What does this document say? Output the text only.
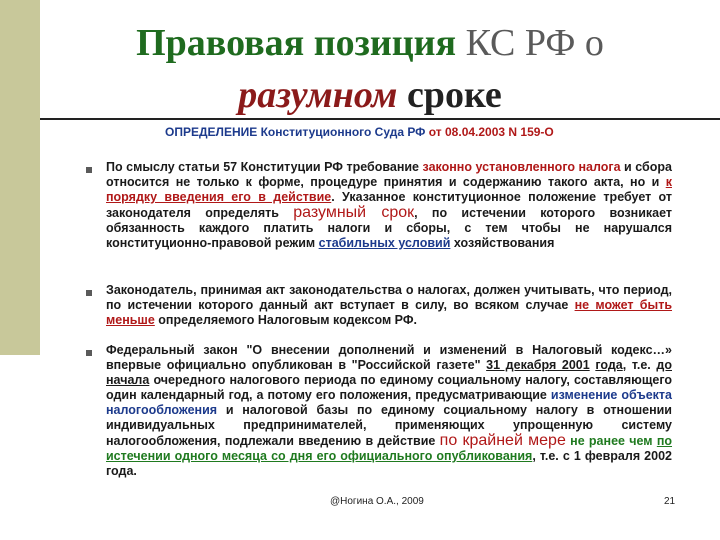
Правовая позиция КС РФ о
разумном сроке
ОПРЕДЕЛЕНИЕ Конституционного Суда РФ от 08.04.2003 N 159-О
По смыслу статьи 57 Конституции РФ требование законно установленного налога и сбора относится не только к форме, процедуре принятия и содержанию такого акта, но и к порядку введения его в действие. Указанное конституционное положение требует от законодателя определять разумный срок, по истечении которого возникает обязанность каждого платить налоги и сборы, с тем чтобы не нарушался конституционно-правовой режим стабильных условий хозяйствования
Законодатель, принимая акт законодательства о налогах, должен учитывать, что период, по истечении которого данный акт вступает в силу, во всяком случае не может быть меньше определяемого Налоговым кодексом РФ.
Федеральный закон "О внесении дополнений и изменений в Налоговый кодекс…» впервые официально опубликован в "Российской газете" 31 декабря 2001 года, т.е. до начала очередного налогового периода по единому социальному налогу, составляющего один календарный год, а потому его положения, предусматривающие изменение объекта налогообложения и налоговой базы по единому социальному налогу в отношении индивидуальных предпринимателей, применяющих упрощенную систему налогообложения, подлежали введению в действие по крайней мере не ранее чем по истечении одного месяца со дня его официального опубликования, т.е. с 1 февраля 2002 года.
@Ногина О.А., 2009	21
